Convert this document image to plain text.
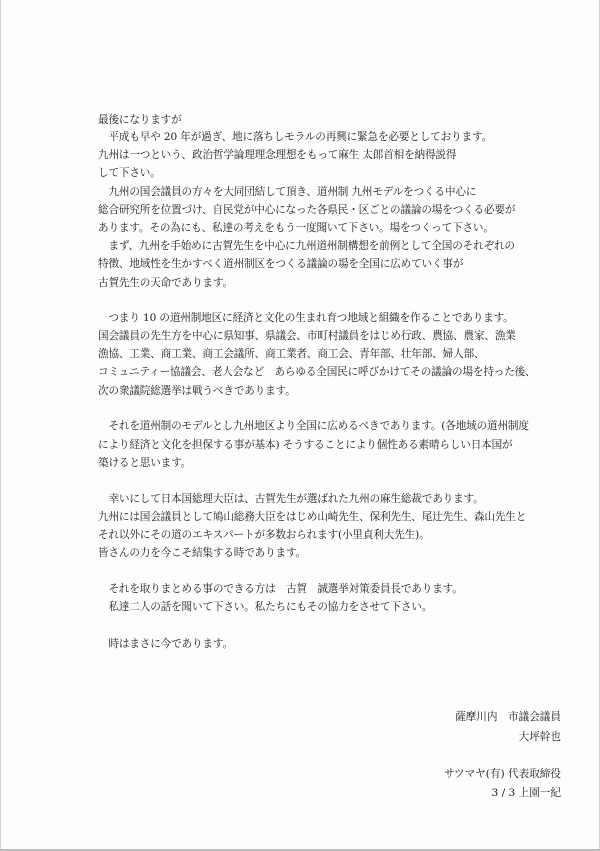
最後になりますが
　平成も早や 20 年が過ぎ、地に落ちしモラルの再興に緊急を必要としております。
九州は一つという、政治哲学論理理念理想をもって麻生 太郎首相を納得説得
して下さい。
　九州の国会議員の方々を大同団結して頂き、道州制 九州モデルをつくる中心に
総合研究所を位置づけ、自民党が中心になった各県民・区ごとの議論の場をつくる必要が
あります。その為にも、私達の考えをもう一度聞いて下さい。場をつくって下さい。
　まず、九州を手始めに古賀先生を中心に九州道州制構想を前例として全国のそれぞれの
特徴、地域性を生かすべく道州制区をつくる議論の場を全国に広めていく事が
古賀先生の天命であります。
　つまり 10 の道州制地区に経済と文化の生まれ育つ地域と組織を作ることであります。
国会議員の先生方を中心に県知事、県議会、市町村議員をはじめ行政、農協、農家、漁業
漁協、工業、商工業、商工会議所、商工業者、商工会、青年部、壮年部、婦人部、
コミュニティー協議会、老人会など　あらゆる全国民に呼びかけてその議論の場を持った後、
次の衆議院総選挙は戦うべきであります。
　それを道州制のモデルとし九州地区より全国に広めるべきであります。(各地域の道州制度
により経済と文化を担保する事が基本) そうすることにより個性ある素晴らしい日本国が
築けると思います。
　幸いにして日本国総理大臣は、古賀先生が選ばれた九州の麻生総裁であります。
九州には国会議員として鳩山総務大臣をはじめ山崎先生、保利先生、尾辻先生、森山先生と
それ以外にその道のエキスパートが多数おられます(小里貞利大先生)。
皆さんの力を今こそ結集する時であります。
　それを取りまとめる事のできる方は　古賀　誠選挙対策委員長であります。
　私達二人の話を聞いて下さい。私たちにもその協力をさせて下さい。
　時はまさに今であります。
薩摩川内　市議会議員
大坪幹也
サツマヤ(有) 代表取締役
3 / 3 上園一紀
